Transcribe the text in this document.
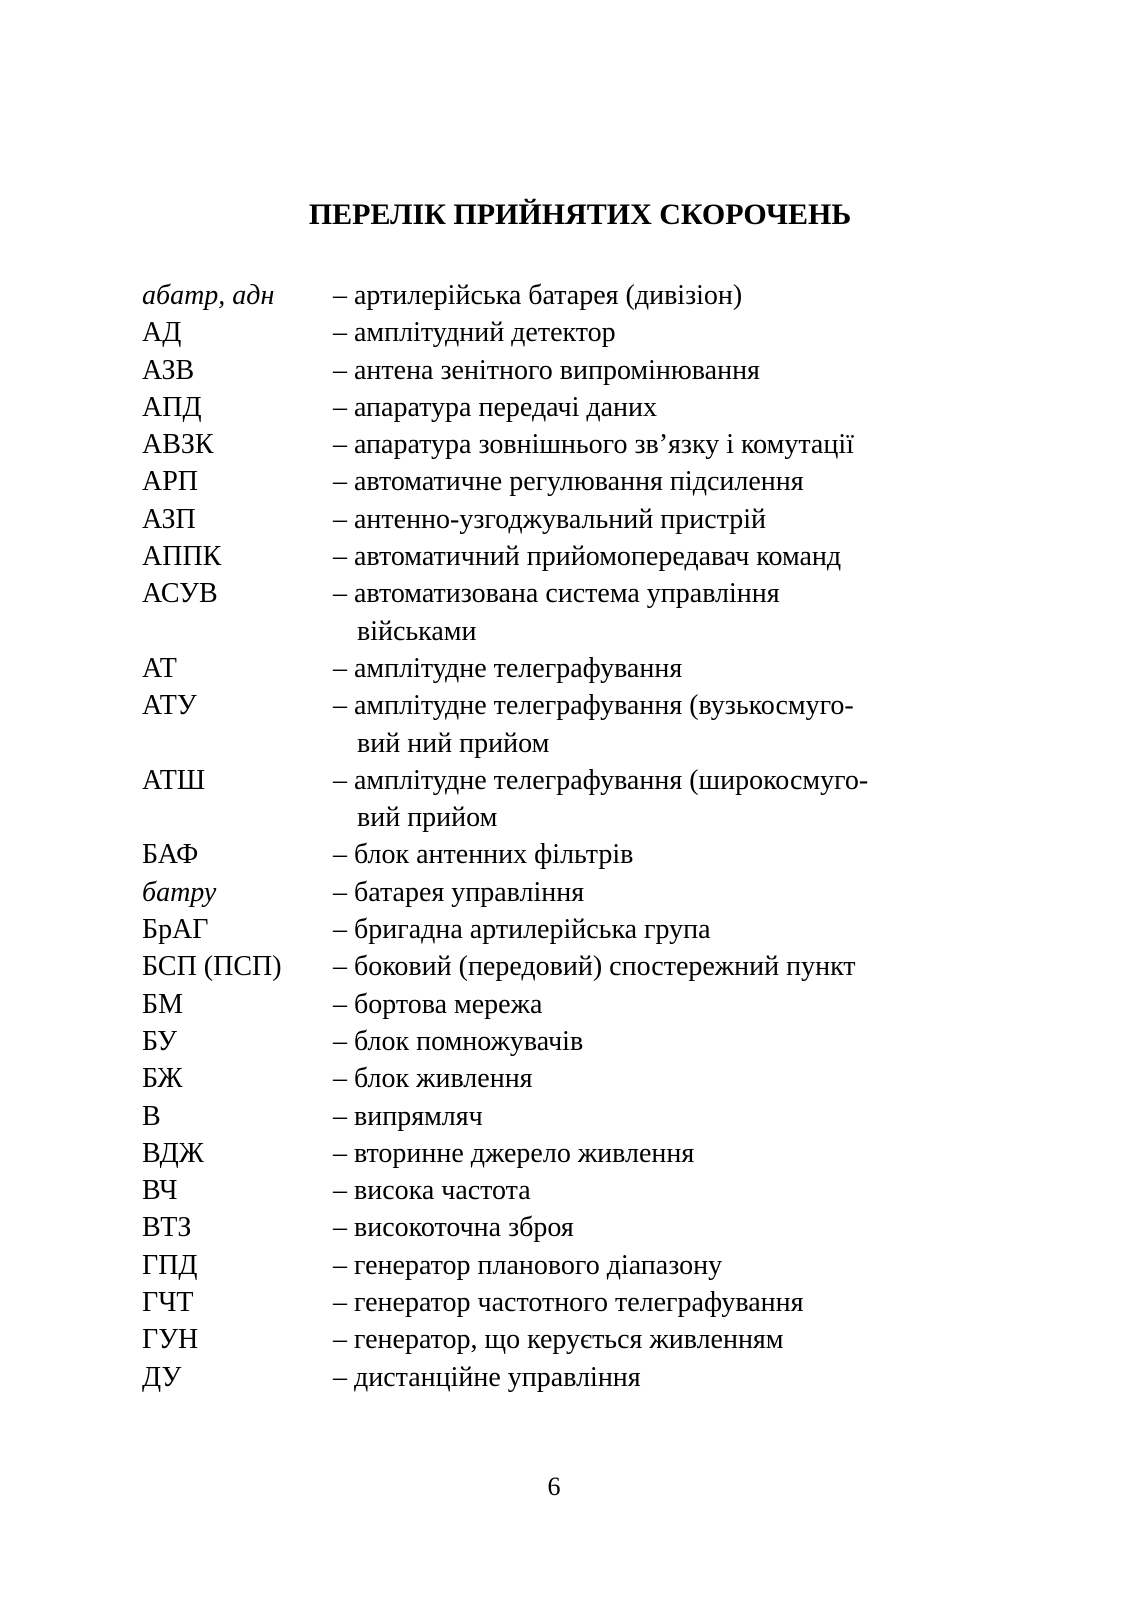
ПЕРЕЛІК ПРИЙНЯТИХ СКОРОЧЕНЬ
абатр, адн	– артилерійська батарея (дивізіон)
АД	– амплітудний детектор
АЗВ	– антена зенітного випромінювання
АПД	– апаратура передачі даних
АВЗК	– апаратура зовнішнього зв’язку і комутації
АРП	– автоматичне регулювання підсилення
АЗП	– антенно-узгоджувальний пристрій
АППК	– автоматичний прийомопередавач команд
АСУВ	– автоматизована система управління
військами
АТ	– амплітудне телеграфування
АТУ	– амплітудне телеграфування (вузькосмуго-
вий ний прийом
АТШ	– амплітудне телеграфування (широкосмуго-
вий прийом
БАФ	– блок антенних фільтрів
батру	– батарея управління
БрАГ	– бригадна артилерійська група
БСП (ПСП)	– боковий (передовий) спостережний пункт
БМ	– бортова мережа
БУ	– блок помножувачів
БЖ	– блок живлення
В	– випрямляч
ВДЖ	– вторинне джерело живлення
ВЧ	– висока частота
ВТЗ	– високоточна зброя
ГПД	– генератор планового діапазону
ГЧТ	– генератор частотного телеграфування
ГУН	– генератор, що керується живленням
ДУ	– дистанційне управління
6
